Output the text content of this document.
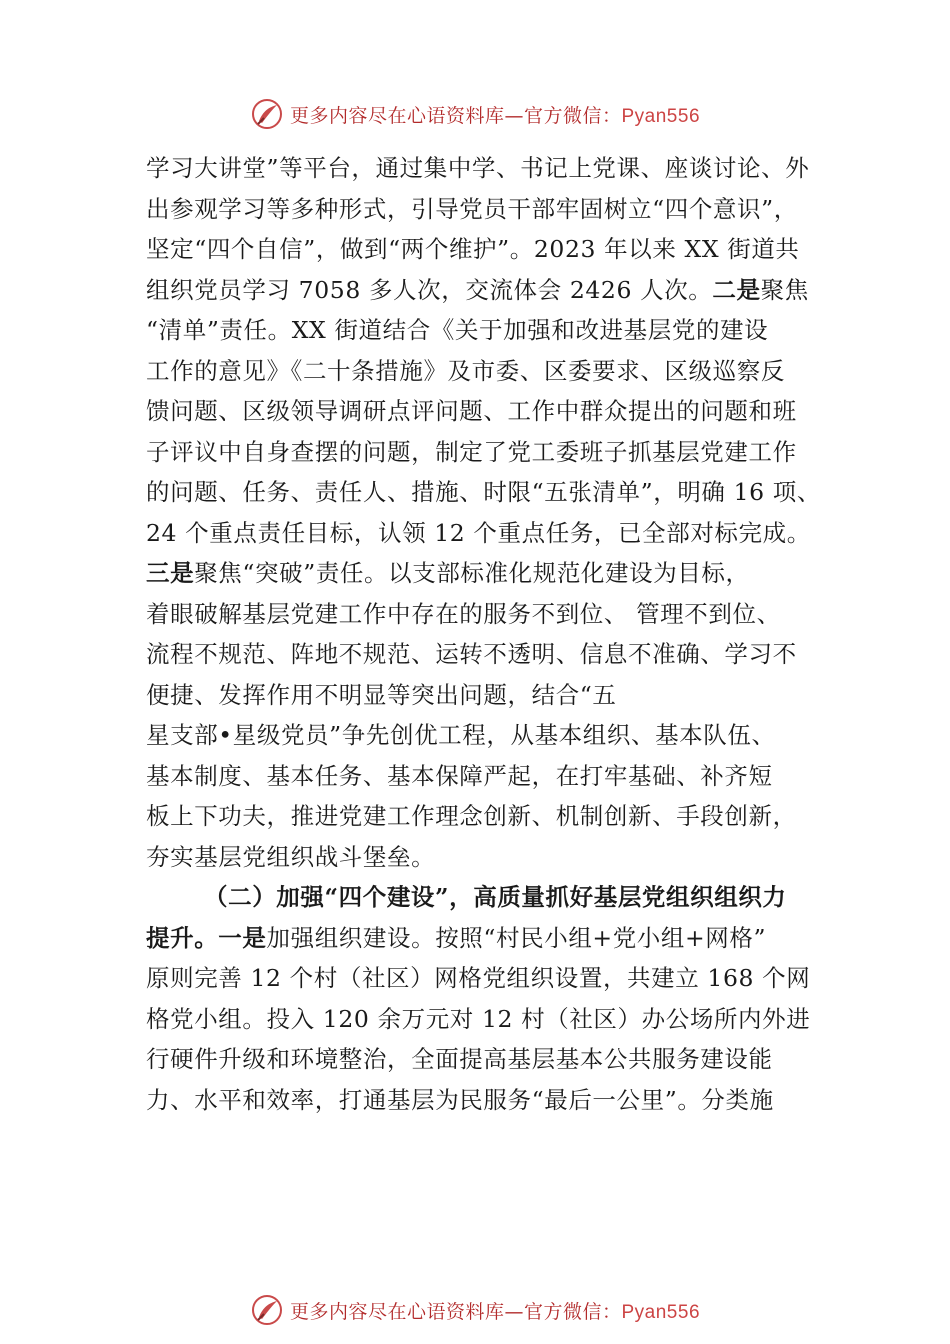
更多内容尽在心语资料库—官方微信：Pyan556
学习大讲堂”等平台，通过集中学、书记上党课、座谈讨论、外
出参观学习等多种形式，引导党员干部牢固树立“四个意识”，
坚定“四个自信”，做到“两个维护”。2023 年以来 XX 街道共
组织党员学习 7058 多人次，交流体会 2426 人次。二是聚焦
“清单”责任。XX 街道结合《关于加强和改进基层党的建设
工作的意见》《二十条措施》及市委、区委要求、区级巡察反
馈问题、区级领导调研点评问题、工作中群众提出的问题和班
子评议中自身查摆的问题，制定了党工委班子抓基层党建工作
的问题、任务、责任人、措施、时限“五张清单”，明确 16 项、
24 个重点责任目标，认领 12 个重点任务，已全部对标完成。
三是聚焦“突破”责任。以支部标准化规范化建设为目标，
着眼破解基层党建工作中存在的服务不到位、 管理不到位、
流程不规范、阵地不规范、运转不透明、信息不准确、学习不
便捷、发挥作用不明显等突出问题，结合“五
星支部•星级党员”争先创优工程，从基本组织、基本队伍、
基本制度、基本任务、基本保障严起，在打牢基础、补齐短
板上下功夫，推进党建工作理念创新、机制创新、手段创新，
夯实基层党组织战斗堡垒。
（二）加强“四个建设”，高质量抓好基层党组织组织力
提升。一是加强组织建设。按照“村民小组+党小组+网格”
原则完善 12 个村（社区）网格党组织设置，共建立 168 个网
格党小组。投入 120 余万元对 12 村（社区）办公场所内外进
行硬件升级和环境整治，全面提高基层基本公共服务建设能
力、水平和效率，打通基层为民服务“最后一公里”。分类施
更多内容尽在心语资料库—官方微信：Pyan556
